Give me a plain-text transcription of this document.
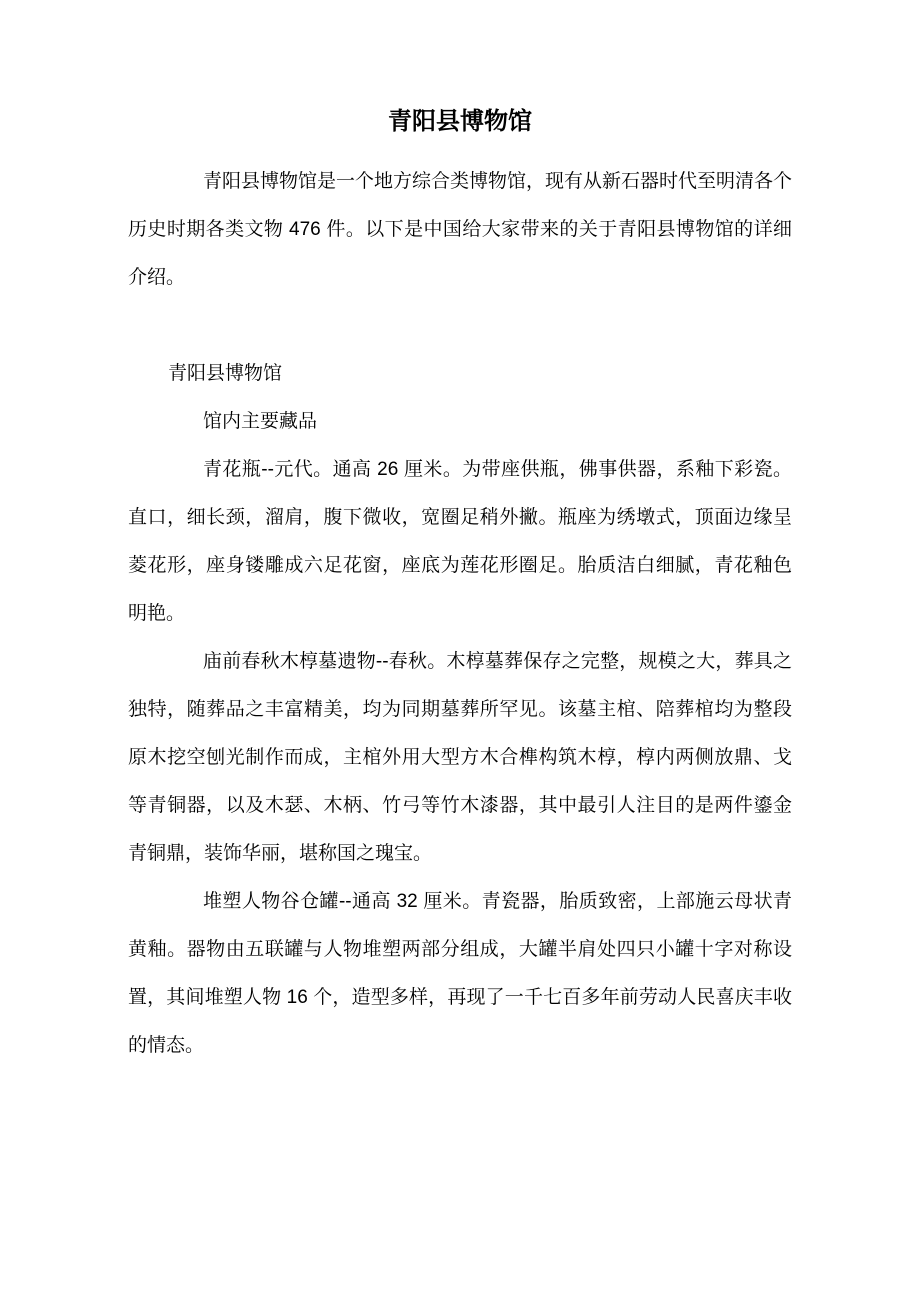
青阳县博物馆

青阳县博物馆是一个地方综合类博物馆，现有从新石器时代至明清各个历史时期各类文物 476 件。以下是中国给大家带来的关于青阳县博物馆的详细介绍。

青阳县博物馆

馆内主要藏品

青花瓶--元代。通高 26 厘米。为带座供瓶，佛事供器，系釉下彩瓷。直口，细长颈，溜肩，腹下微收，宽圈足稍外撇。瓶座为绣墩式，顶面边缘呈菱花形，座身镂雕成六足花窗，座底为莲花形圈足。胎质洁白细腻，青花釉色明艳。

庙前春秋木椁墓遗物--春秋。木椁墓葬保存之完整，规模之大，葬具之独特，随葬品之丰富精美，均为同期墓葬所罕见。该墓主棺、陪葬棺均为整段原木挖空刨光制作而成，主棺外用大型方木合榫构筑木椁，椁内两侧放鼎、戈等青铜器，以及木瑟、木柄、竹弓等竹木漆器，其中最引人注目的是两件鎏金青铜鼎，装饰华丽，堪称国之瑰宝。

堆塑人物谷仓罐--通高 32 厘米。青瓷器，胎质致密，上部施云母状青黄釉。器物由五联罐与人物堆塑两部分组成，大罐半肩处四只小罐十字对称设置，其间堆塑人物 16 个，造型多样，再现了一千七百多年前劳动人民喜庆丰收的情态。
